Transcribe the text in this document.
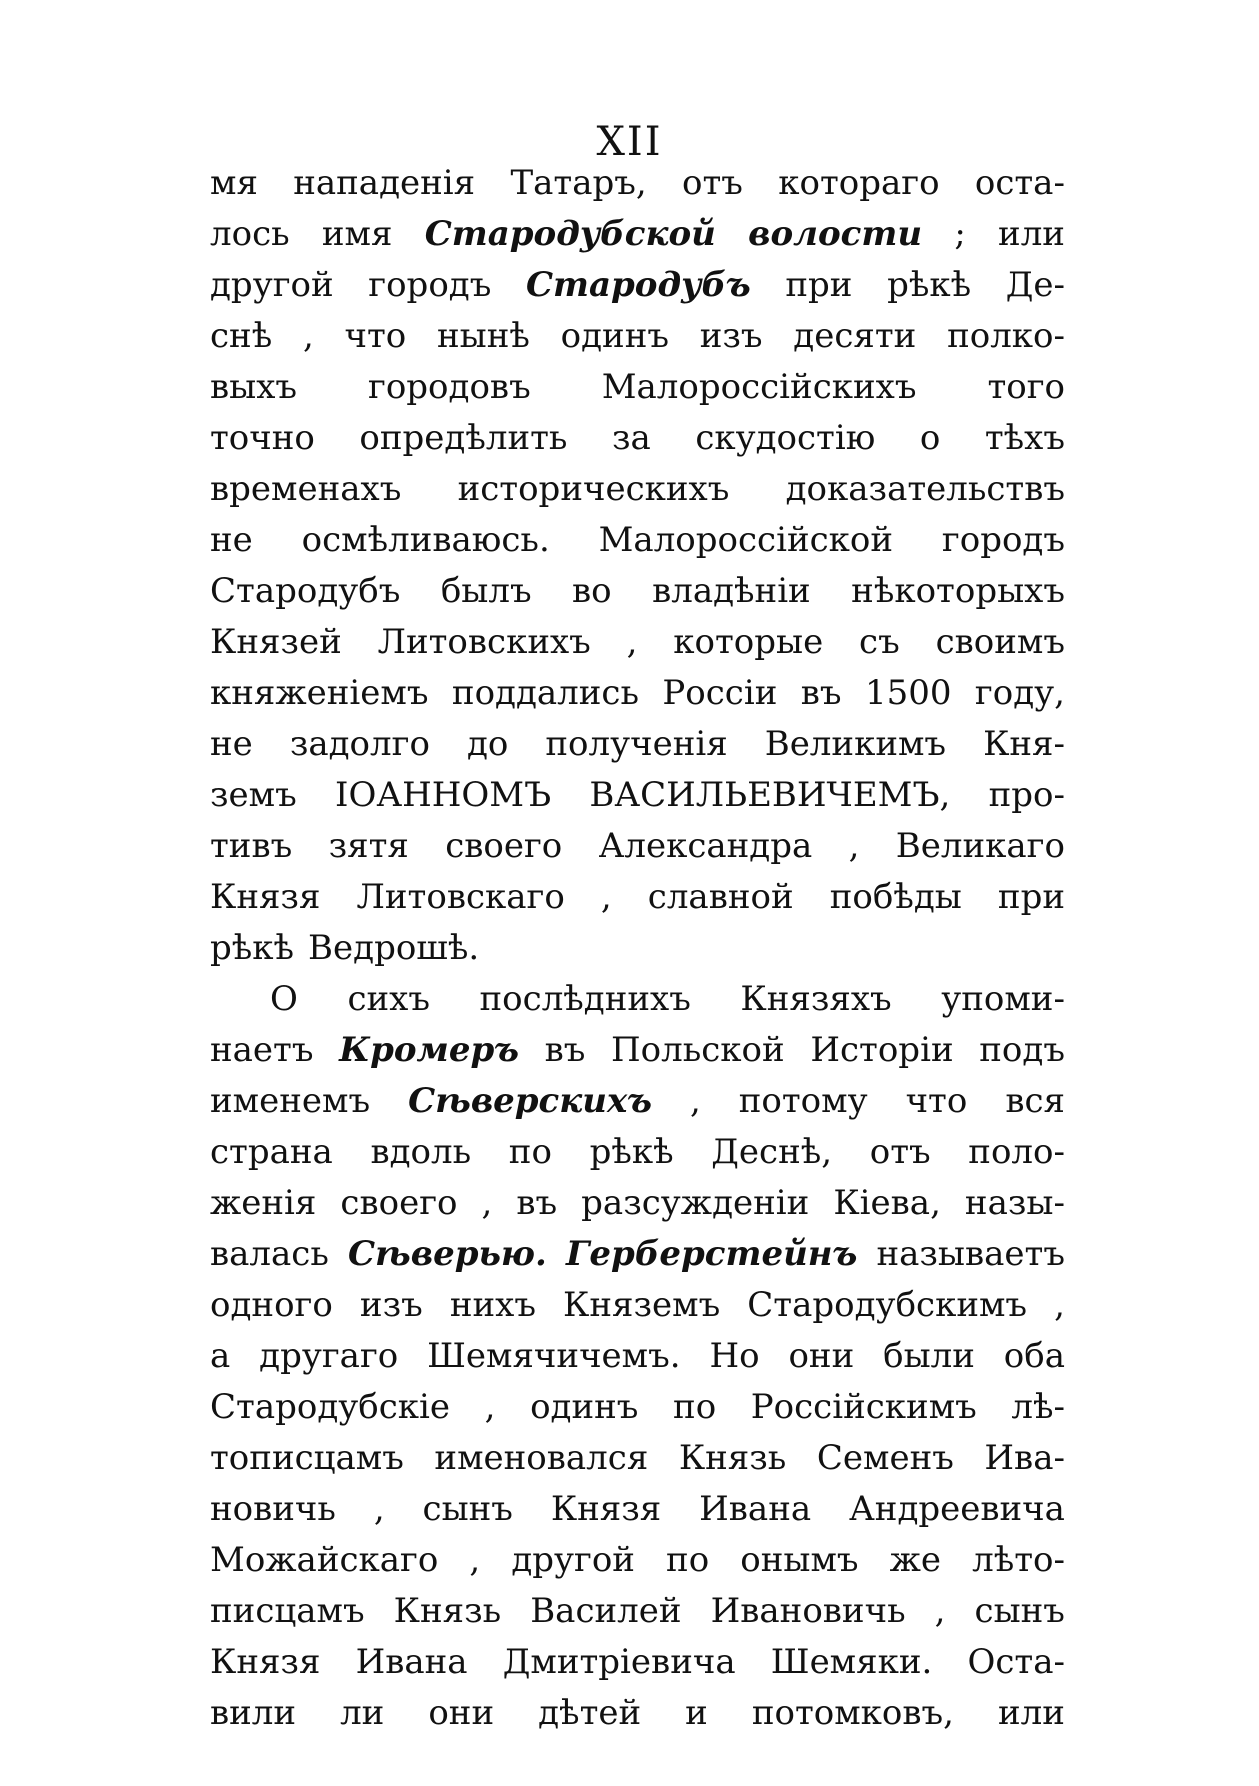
XII
мя нападенія Татаръ, отъ котораго оста-
лось имя Стародубской волости ; или
другой городъ Стародубъ при рѣкѣ Де-
снѣ , что нынѣ одинъ изъ десяти полко-
выхъ городовъ Малороссійскихъ того
точно опредѣлить за скудостію о тѣхъ
временахъ историческихъ доказательствъ
не осмѣливаюсь. Малороссійской городъ
Стародубъ былъ во владѣніи нѣкоторыхъ
Князей Литовскихъ , которые съ своимъ
княженіемъ поддались Россіи въ 1500 году,
не задолго до полученія Великимъ Кня-
земъ ІОАННОМЪ ВАСИЛЬЕВИЧЕМЪ, про-
тивъ зятя своего Александра , Великаго
Князя Литовскаго , славной побѣды при
рѣкѣ Ведрошѣ.
О сихъ послѣднихъ Князяхъ упоми-
наетъ Кромеръ въ Польской Исторіи подъ
именемъ Сѣверскихъ , потому что вся
страна вдоль по рѣкѣ Деснѣ, отъ поло-
женія своего , въ разсужденіи Кіева, назы-
валась Сѣверью. Герберстейнъ называетъ
одного изъ нихъ Княземъ Стародубскимъ ,
а другаго Шемячичемъ. Но они были оба
Стародубскіе , одинъ по Россійскимъ лѣ-
тописцамъ именовался Князь Семенъ Ива-
новичь , сынъ Князя Ивана Андреевича
Можайскаго , другой по онымъ же лѣто-
писцамъ Князь Василей Ивановичь , сынъ
Князя Ивана Дмитріевича Шемяки. Оста-
вили ли они дѣтей и потомковъ, или
